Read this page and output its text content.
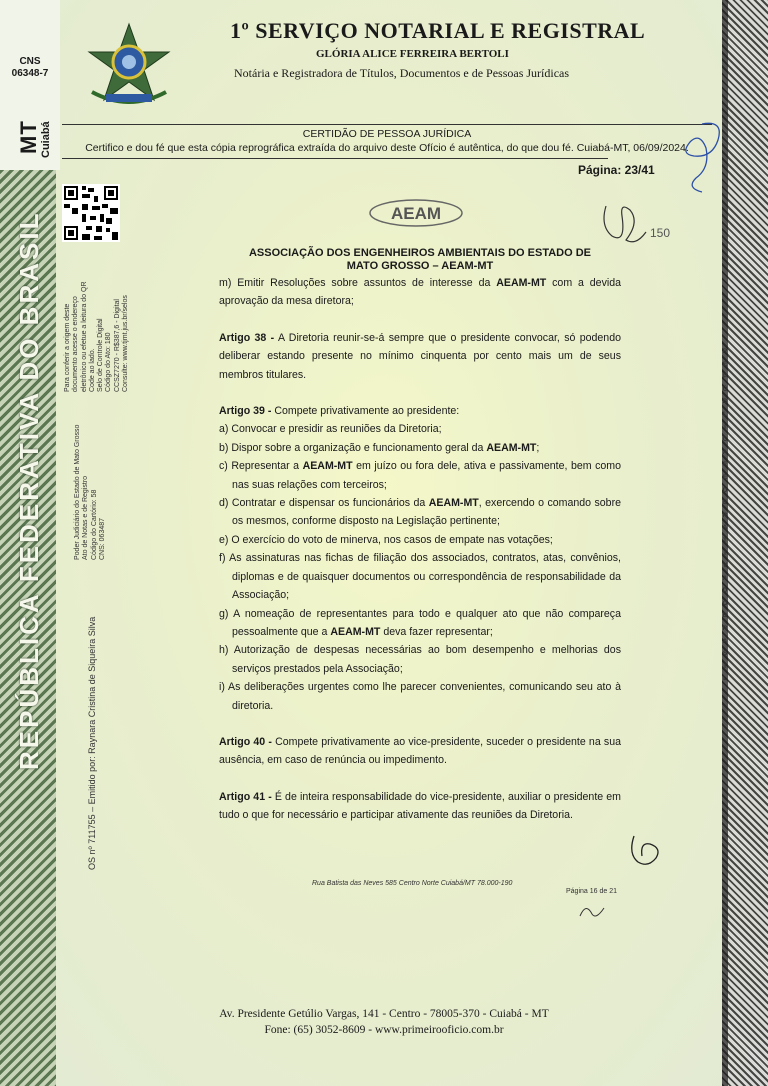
CNS
06348-7
MT Cuiabá
REPÚBLICA FEDERATIVA DO BRASIL
1º SERVIÇO NOTARIAL E REGISTRAL
GLÓRIA ALICE FERREIRA BERTOLI
Notária e Registradora de Títulos, Documentos e de Pessoas Jurídicas
CERTIDÃO DE PESSOA JURÍDICA
Certifico e dou fé que esta cópia reprográfica extraída do arquivo deste Ofício é autêntica, do que dou fé. Cuiabá-MT, 06/09/2024.
Página: 23/41
Para conferir a origem deste documento acesse o endereço eletrônico ou efetue a leitura do QR Code ao lado. Selo de Controle Digital Código do Ato: 180 CCSZ7270 - R$387,6 - Digital Consulte: www.tjmt.jus.br/selos
Poder Judiciário do Estado de Mato Grosso Ato de Notas e de Registro Código do Cartório: 58 CNS: 063487
OS nº 711755 – Emitido por: Raynara Cristina de Siqueira Silva
AEAM
150
ASSOCIAÇÃO DOS ENGENHEIROS AMBIENTAIS DO ESTADO DE
MATO GROSSO – AEAM-MT

m) Emitir Resoluções sobre assuntos de interesse da AEAM-MT com a devida aprovação da mesa diretora;

Artigo 38 - A Diretoria reunir-se-á sempre que o presidente convocar, só podendo deliberar estando presente no mínimo cinquenta por cento mais um de seus membros titulares.

Artigo 39 - Compete privativamente ao presidente:

a) Convocar e presidir as reuniões da Diretoria;

b) Dispor sobre a organização e funcionamento geral da AEAM-MT;

c) Representar a AEAM-MT em juízo ou fora dele, ativa e passivamente, bem como nas suas relações com terceiros;

d) Contratar e dispensar os funcionários da AEAM-MT, exercendo o comando sobre os mesmos, conforme disposto na Legislação pertinente;

e) O exercício do voto de minerva, nos casos de empate nas votações;

f) As assinaturas nas fichas de filiação dos associados, contratos, atas, convênios, diplomas e de quaisquer documentos ou correspondência de responsabilidade da Associação;

g) A nomeação de representantes para todo e qualquer ato que não compareça pessoalmente que a AEAM-MT deva fazer representar;

h) Autorização de despesas necessárias ao bom desempenho e melhorias dos serviços prestados pela Associação;

i) As deliberações urgentes como lhe parecer convenientes, comunicando seu ato à diretoria.

Artigo 40 - Compete privativamente ao vice-presidente, suceder o presidente na sua ausência, em caso de renúncia ou impedimento.

Artigo 41 - É de inteira responsabilidade do vice-presidente, auxiliar o presidente em tudo o que for necessário e participar ativamente das reuniões da Diretoria.

Rua Batista das Neves 585 Centro Norte Cuiabá/MT 78.000-190
Página 16 de 21
R
E
P
Ú
B
L
I
C
A
F
E
D
E
R
A
T
I
V
A
D
O
B
R
A
S
I
L
Av. Presidente Getúlio Vargas, 141 - Centro - 78005-370 - Cuiabá - MT
Fone: (65) 3052-8609 - www.primeirooficio.com.br
